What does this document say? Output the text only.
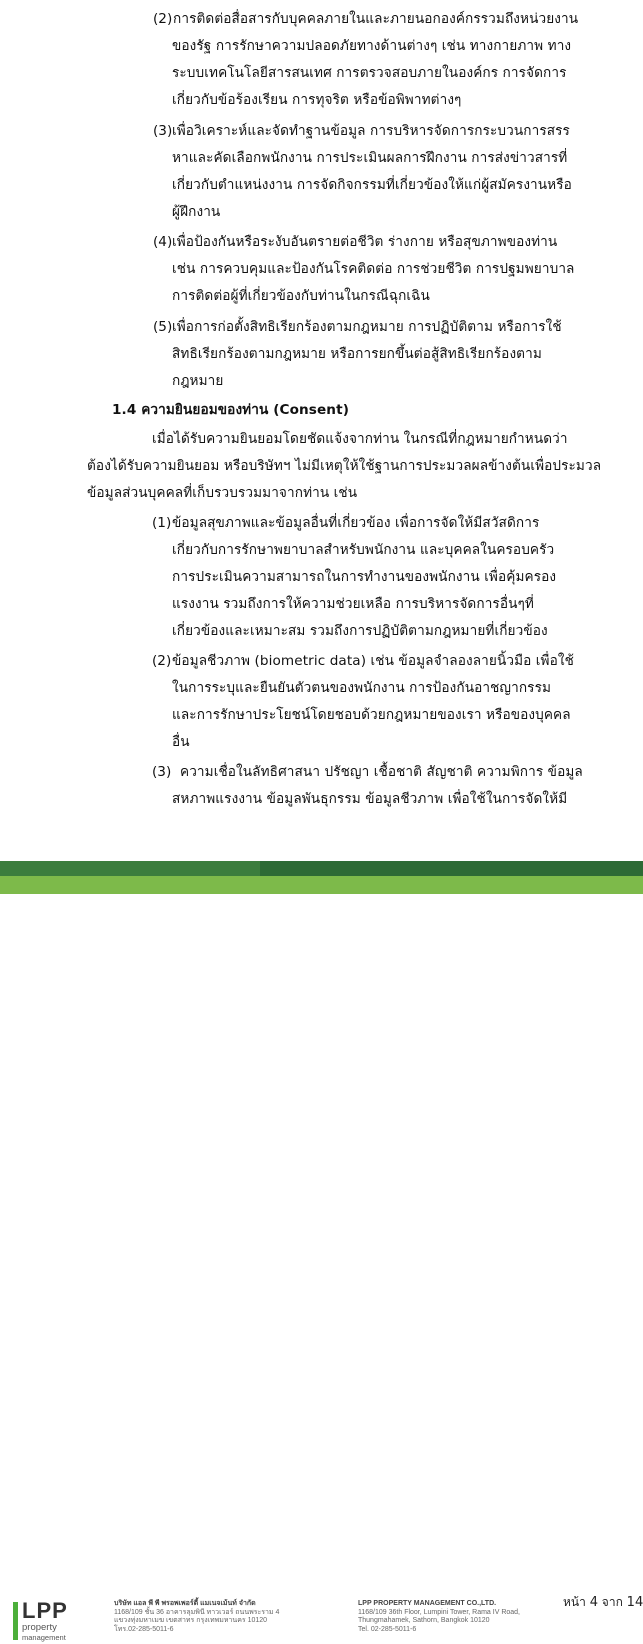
(2) การติดต่อสื่อสารกับบุคคลภายในและภายนอกองค์กรรวมถึงหน่วยงาน
ของรัฐ การรักษาความปลอดภัยทางด้านต่างๆ เช่น ทางกายภาพ ทาง
ระบบเทคโนโลยีสารสนเทศ การตรวจสอบภายในองค์กร การจัดการ
เกี่ยวกับข้อร้องเรียน การทุจริต หรือข้อพิพาทต่างๆ
(3) เพื่อวิเคราะห์และจัดทำฐานข้อมูล การบริหารจัดการกระบวนการสรร
หาและคัดเลือกพนักงาน การประเมินผลการฝึกงาน การส่งข่าวสารที่
เกี่ยวกับตำแหน่งงาน การจัดกิจกรรมที่เกี่ยวข้องให้แก่ผู้สมัครงานหรือ
ผู้ฝึกงาน
(4) เพื่อป้องกันหรือระงับอันตรายต่อชีวิต ร่างกาย หรือสุขภาพของท่าน
เช่น การควบคุมและป้องกันโรคติดต่อ การช่วยชีวิต การปฐมพยาบาล
การติดต่อผู้ที่เกี่ยวข้องกับท่านในกรณีฉุกเฉิน
(5) เพื่อการก่อตั้งสิทธิเรียกร้องตามกฎหมาย การปฏิบัติตาม หรือการใช้
สิทธิเรียกร้องตามกฎหมาย หรือการยกขึ้นต่อสู้สิทธิเรียกร้องตาม
กฎหมาย
1.4 ความยินยอมของท่าน (Consent)
เมื่อได้รับความยินยอมโดยชัดแจ้งจากท่าน ในกรณีที่กฎหมายกำหนดว่า
ต้องได้รับความยินยอม หรือบริษัทฯ ไม่มีเหตุให้ใช้ฐานการประมวลผลข้างต้นเพื่อประมวล
ข้อมูลส่วนบุคคลที่เก็บรวบรวมมาจากท่าน เช่น
(1) ข้อมูลสุขภาพและข้อมูลอื่นที่เกี่ยวข้อง เพื่อการจัดให้มีสวัสดิการ
เกี่ยวกับการรักษาพยาบาลสำหรับพนักงาน และบุคคลในครอบครัว
การประเมินความสามารถในการทำงานของพนักงาน เพื่อคุ้มครอง
แรงงาน รวมถึงการให้ความช่วยเหลือ การบริหารจัดการอื่นๆที่
เกี่ยวข้องและเหมาะสม รวมถึงการปฏิบัติตามกฎหมายที่เกี่ยวข้อง
(2) ข้อมูลชีวภาพ (biometric data) เช่น ข้อมูลจำลองลายนิ้วมือ เพื่อใช้
ในการระบุและยืนยันตัวตนของพนักงาน การป้องกันอาชญากรรม
และการรักษาประโยชน์โดยชอบด้วยกฎหมายของเรา หรือของบุคคล
อื่น
(3) ความเชื่อในลัทธิศาสนา ปรัชญา เชื้อชาติ สัญชาติ ความพิการ ข้อมูล
สหภาพแรงงาน ข้อมูลพันธุกรรม ข้อมูลชีวภาพ เพื่อใช้ในการจัดให้มี
LPP
property
management
บริษัท แอล พี พี พรอพเพอร์ตี้ แมเนจเม้นท์ จำกัด
1168/109 ชั้น 36 อาคารลุมพินี ทาวเวอร์ ถนนพระราม 4
แขวงทุ่งมหาเมฆ เขตสาทร กรุงเทพมหานคร 10120
โทร.02-285-5011-6
LPP PROPERTY MANAGEMENT CO.,LTD.
1168/109 36th Floor, Lumpini Tower, Rama IV Road,
Thungmahamek, Sathorn, Bangkok 10120
Tel. 02-285-5011-6
หน้า 4 จาก 14
